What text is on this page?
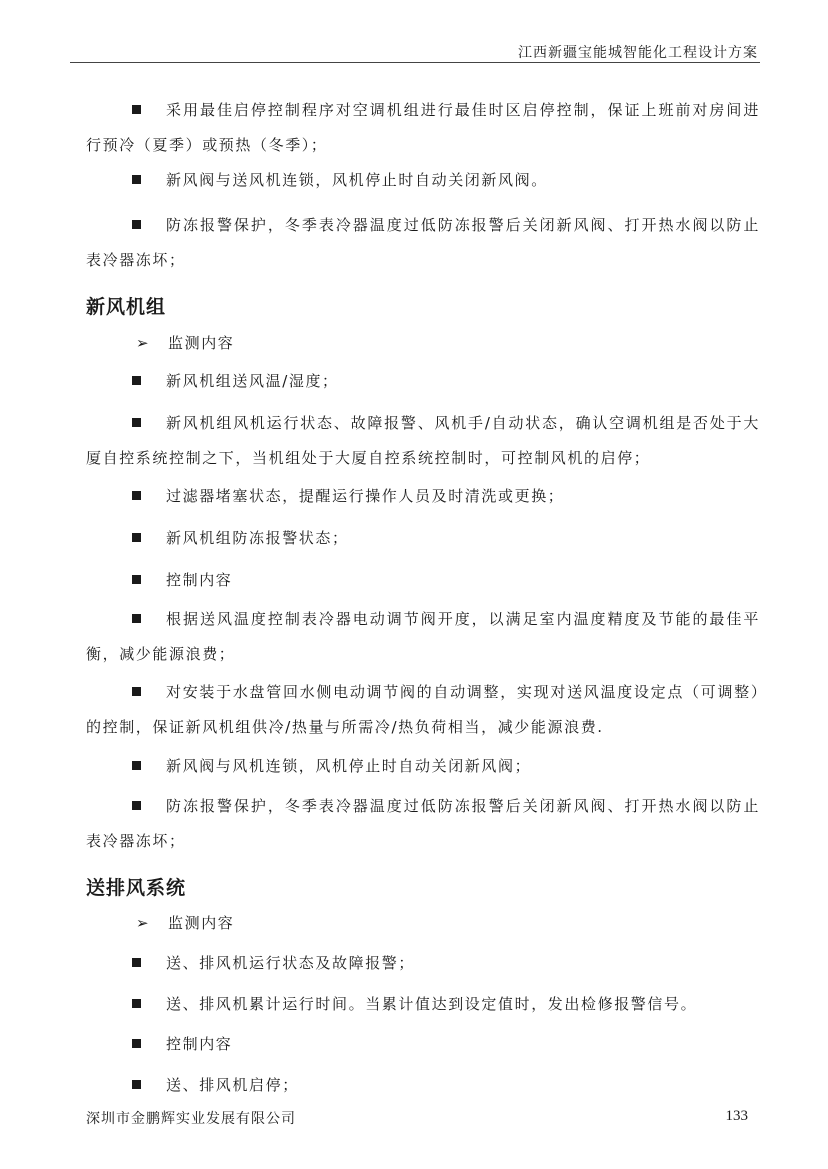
江西新疆宝能城智能化工程设计方案

采用最佳启停控制程序对空调机组进行最佳时区启停控制，保证上班前对房间进行预冷（夏季）或预热（冬季）；

新风阀与送风机连锁，风机停止时自动关闭新风阀。

防冻报警保护，冬季表冷器温度过低防冻报警后关闭新风阀、打开热水阀以防止表冷器冻坏；

新风机组

➢ 监测内容

新风机组送风温/湿度；

新风机组风机运行状态、故障报警、风机手/自动状态，确认空调机组是否处于大厦自控系统控制之下，当机组处于大厦自控系统控制时，可控制风机的启停；

过滤器堵塞状态，提醒运行操作人员及时清洗或更换；

新风机组防冻报警状态；

控制内容

根据送风温度控制表冷器电动调节阀开度，以满足室内温度精度及节能的最佳平衡，减少能源浪费；

对安装于水盘管回水侧电动调节阀的自动调整，实现对送风温度设定点（可调整）的控制，保证新风机组供冷/热量与所需冷/热负荷相当，减少能源浪费.

新风阀与风机连锁，风机停止时自动关闭新风阀；

防冻报警保护，冬季表冷器温度过低防冻报警后关闭新风阀、打开热水阀以防止表冷器冻坏；

送排风系统

➢ 监测内容

送、排风机运行状态及故障报警；

送、排风机累计运行时间。当累计值达到设定值时，发出检修报警信号。

控制内容

送、排风机启停；

深圳市金鹏辉实业发展有限公司	133
